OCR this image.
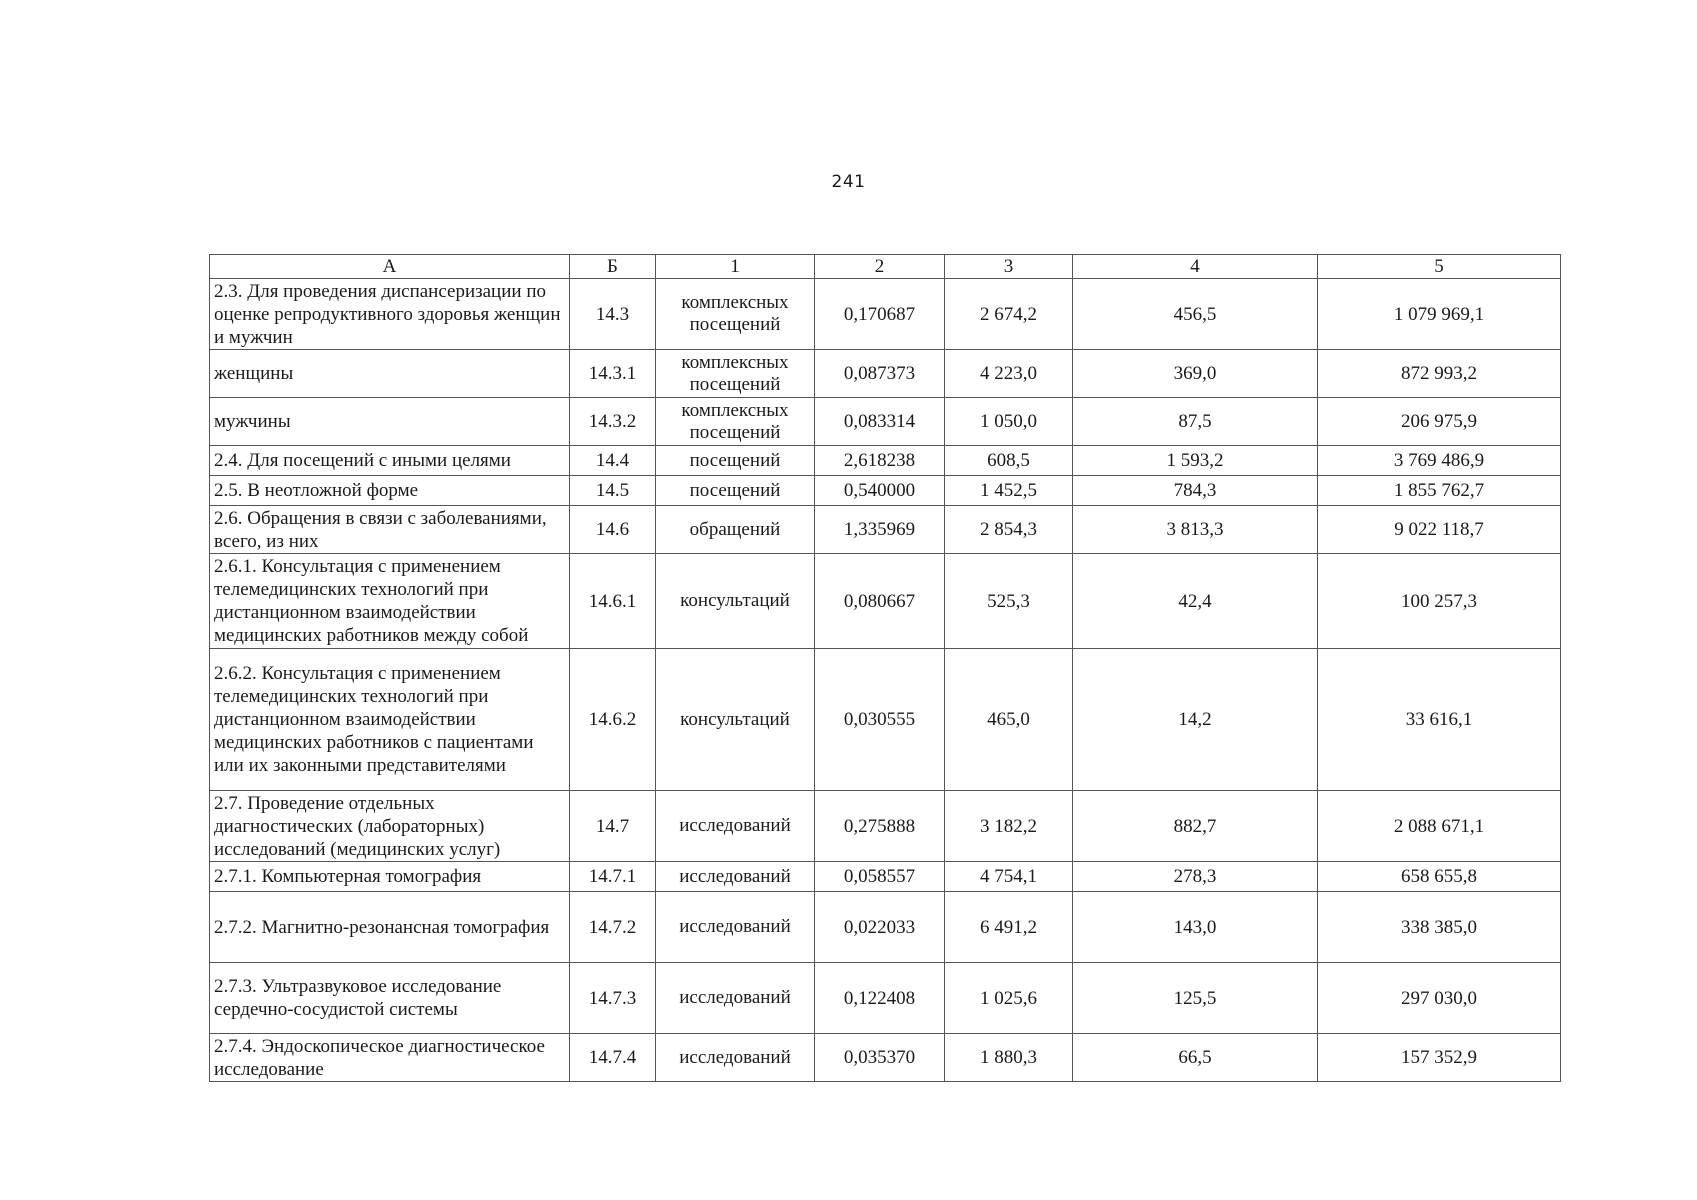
241
А	Б	1	2	3	4	5
2.3. Для проведения диспансеризации по оценке репродуктивного здоровья женщин и мужчин	14.3	комплексных посещений	0,170687	2 674,2	456,5	1 079 969,1
женщины	14.3.1	комплексных посещений	0,087373	4 223,0	369,0	872 993,2
мужчины	14.3.2	комплексных посещений	0,083314	1 050,0	87,5	206 975,9
2.4. Для посещений с иными целями	14.4	посещений	2,618238	608,5	1 593,2	3 769 486,9
2.5. В неотложной форме	14.5	посещений	0,540000	1 452,5	784,3	1 855 762,7
2.6. Обращения в связи с заболеваниями, всего, из них	14.6	обращений	1,335969	2 854,3	3 813,3	9 022 118,7
2.6.1. Консультация с применением телемедицинских технологий при дистанционном взаимодействии медицинских работников между собой	14.6.1	консультаций	0,080667	525,3	42,4	100 257,3
2.6.2. Консультация с применением телемедицинских технологий при дистанционном взаимодействии медицинских работников с пациентами или их законными представителями	14.6.2	консультаций	0,030555	465,0	14,2	33 616,1
2.7. Проведение отдельных диагностических (лабораторных) исследований (медицинских услуг)	14.7	исследований	0,275888	3 182,2	882,7	2 088 671,1
2.7.1. Компьютерная томография	14.7.1	исследований	0,058557	4 754,1	278,3	658 655,8
2.7.2. Магнитно-резонансная томография	14.7.2	исследований	0,022033	6 491,2	143,0	338 385,0
2.7.3. Ультразвуковое исследование сердечно-сосудистой системы	14.7.3	исследований	0,122408	1 025,6	125,5	297 030,0
2.7.4. Эндоскопическое диагностическое исследование	14.7.4	исследований	0,035370	1 880,3	66,5	157 352,9
